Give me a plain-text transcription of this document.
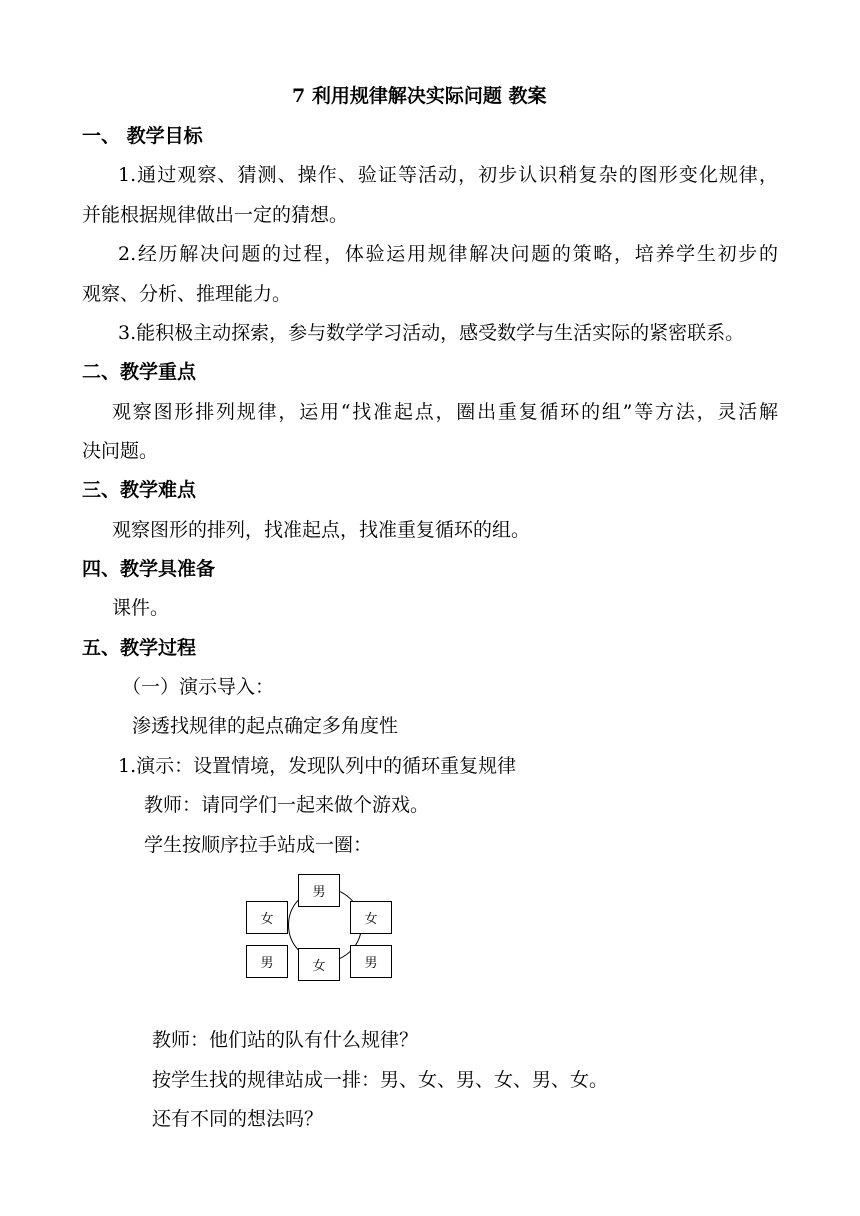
7 利用规律解决实际问题 教案
一、 教学目标
1.通过观察、猜测、操作、验证等活动，初步认识稍复杂的图形变化规律，
并能根据规律做出一定的猜想。
2.经历解决问题的过程，体验运用规律解决问题的策略，培养学生初步的
观察、分析、推理能力。
3.能积极主动探索，参与数学学习活动，感受数学与生活实际的紧密联系。
二、教学重点
观察图形排列规律，运用“找准起点，圈出重复循环的组”等方法，灵活解
决问题。
三、教学难点
观察图形的排列，找准起点，找准重复循环的组。
四、教学具准备
课件。
五、教学过程
（一）演示导入：
渗透找规律的起点确定多角度性
1.演示：设置情境，发现队列中的循环重复规律
教师：请同学们一起来做个游戏。
学生按顺序拉手站成一圈：
男
女	女
男	女	男
教师：他们站的队有什么规律？
按学生找的规律站成一排：男、女、男、女、男、女。
还有不同的想法吗？
